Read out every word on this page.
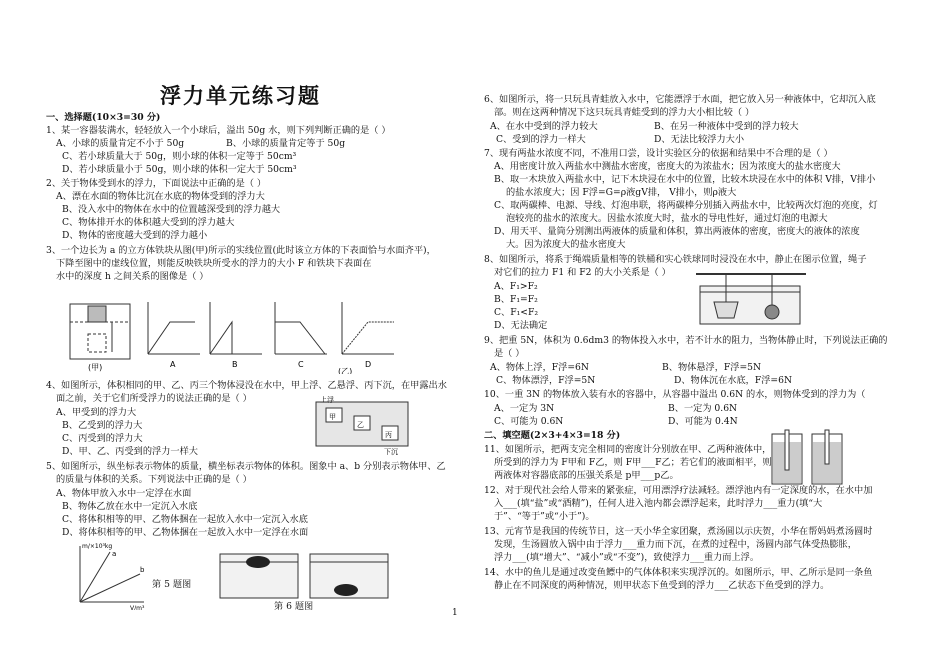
浮力单元练习题
一、选择题(10×3=30 分)
1、某一容器装满水，轻轻放入一个小球后，溢出 50g 水，则下列判断正确的是（ ）
A、小球的质量肯定不小于 50g	B、小球的质量肯定等于 50g
C、若小球质量大于 50g，则小球的体积一定等于 50cm³
D、若小球质量小于 50g，则小球的体积一定大于 50cm³
2、关于物体受到水的浮力，下面说法中正确的是（ ）
A、漂在水面的物体比沉在水底的物体受到的浮力大
B、没入水中的物体在水中的位置越深受到的浮力越大
C、物体排开水的体积越大受到的浮力越大
D、物体的密度越大受到的浮力越小
3、一个边长为 a 的立方体铁块从图(甲)所示的实线位置(此时该立方体的下表面恰与水面齐平)，
下降至图中的虚线位置，则能反映铁块所受水的浮力的大小 F 和铁块下表面在
水中的深度 h 之间关系的图像是（ ）
(甲)	A	B	C	D
(乙)
4、如图所示，体积相同的甲、乙、丙三个物体浸没在水中，甲上浮、乙悬浮、丙下沉，在甲露出水
面之前，关于它们所受浮力的说法正确的是（ ）
A、甲受到的浮力大
B、乙受到的浮力大
C、丙受到的浮力大
D、甲、乙、丙受到的浮力一样大
上浮
甲
乙
丙
下沉
5、如图所示，纵坐标表示物体的质量，横坐标表示物体的体积。图象中 a、b 分别表示物体甲、乙
的质量与体积的关系。下列说法中正确的是（ ）
A、物体甲放入水中一定浮在水面
B、物体乙放在水中一定沉入水底
C、将体积相等的甲、乙物体捆在一起放入水中一定沉入水底
D、将体积相等的甲、乙物体捆在一起放入水中一定浮在水面
m/×10³kg
V/m³
a
b
第 5 题图
第 6 题图
1
6、如图所示，将一只玩具青蛙放入水中，它能漂浮于水面，把它放入另一种液体中，它却沉入底
部。则在这两种情况下这只玩具青蛙受到的浮力大小相比较（ ）
A、在水中受到的浮力较大	B、在另一种液体中受到的浮力较大
C、受到的浮力一样大	D、无法比较浮力大小
7、现有两盐水浓度不同，不准用口尝，设计实验区分的依据和结果中不合理的是（ ）
A、用密度计放入两盐水中测盐水密度，密度大的为浓盐水；因为浓度大的盐水密度大
B、取一木块放入两盐水中，记下木块浸在水中的位置，比较木块浸在水中的体积 V排，V排小
的盐水浓度大；因 F浮=G=ρ液gV排， V排小，则ρ液大
C、取两碳棒、电源、导线、灯泡串联，将两碳棒分别插入两盐水中，比较两次灯泡的亮度，灯
泡较亮的盐水的浓度大。因盐水浓度大时，盐水的导电性好，通过灯泡的电源大
D、用天平、量筒分别测出两液体的质量和体积，算出两液体的密度，密度大的液体的浓度
大。因为浓度大的盐水密度大
8、如图所示，将系于绳端质量相等的铁桶和实心铁球同时浸没在水中，静止在图示位置，绳子
对它们的拉力 F1 和 F2 的大小关系是（ ）
A、F₁>F₂
B、F₁=F₂
C、F₁<F₂
D、无法确定
9、把重 5N，体积为 0.6dm3 的物体投入水中，若不计水的阻力，当物体静止时，下列说法正确的
是（ ）
A、物体上浮，F浮=6N	B、物体悬浮，F浮=5N
C、物体漂浮，F浮=5N	D、物体沉在水底，F浮=6N
10、一重 3N 的物体放入装有水的容器中，从容器中溢出 0.6N 的水，则物体受到的浮力为（
A、一定为 3N	B、一定为 0.6N
C、可能为 0.6N	D、可能为 0.4N
二、填空题(2×3+4×3=18 分)
11、如图所示，把两支完全相同的密度计分别放在甲、乙两种液体中，
所受到的浮力为 F甲和 F乙，则 F甲___F乙；若它们的液面相平，则
两液体对容器底部的压强关系是 p甲___p乙。
12、对于现代社会给人带来的紧张症，可用漂浮疗法减轻。漂浮池内有一定深度的水，在水中加
入___(填“盐”或“酒精”)，任何人进入池内都会漂浮起来，此时浮力___重力(填“大
于”、“等于”或“小于”)。
13、元宵节是我国的传统节日，这一天小华全家团聚，煮汤圆以示庆贺，小华在帮妈妈煮汤圆时
发现，生汤圆放入锅中由于浮力___重力而下沉，在煮的过程中，汤圆内部气体受热膨胀，
浮力___(填“增大”、“减小”或“不变”)，致使浮力___重力而上浮。
14、水中的鱼儿是通过改变鱼鳔中的气体体积来实现浮沉的。如图所示，甲、乙所示是同一条鱼
静止在不同深度的两种情况，则甲状态下鱼受到的浮力___乙状态下鱼受到的浮力。
